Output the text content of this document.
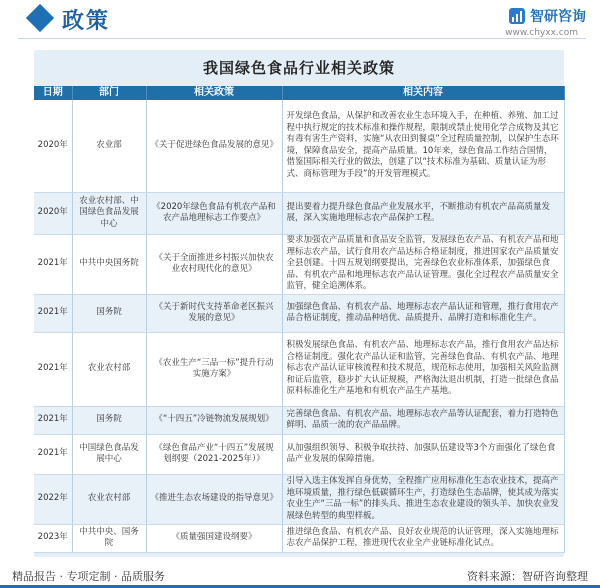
政策	智研咨询
www.chyxx.com
我国绿色食品行业相关政策
日期	部门	相关政策	相关内容
2020年	农业部	《关于促进绿色食品发展的意见》	开发绿色食品，从保护和改善农业生态环境入手，在种植、养殖、加工过程中执行规定的技术标准和操作规程，限制或禁止使用化学合成物及其它有毒有害生产资料，实施“从农田到餐桌”全过程质量控制，以保护生态环境，保障食品安全，提高产品质量。10年来，绿色食品工作结合国情，借鉴国际相关行业的做法，创建了以“技术标准为基础、质量认证为形式、商标管理为手段”的开发管理模式。
2020年	农业农村部、中国绿色食品发展中心	《2020年绿色食品有机农产品和农产品地理标志工作要点》	提出要着力提升绿色食品产业发展水平，不断推动有机农产品高质量发展，深入实施地理标志农产品保护工程。
2021年	中共中央国务院	《关于全面推进乡村振兴加快农业农村现代化的意见》	要求加强农产品质量和食品安全监管，发展绿色农产品、有机农产品和地理标志农产品，试行食用农产品达标合格证制度，推进国家农产品质量安全县创建。十四五规划纲要提出，完善绿色农业标准体系，加强绿色食品、有机农产品和地理标志农产品认证管理。强化全过程农产品质量安全监管，健全追溯体系。
2021年	国务院	《关于新时代支持革命老区振兴发展的意见》	加强绿色食品、有机农产品、地理标志农产品认证和管理，推行食用农产品合格证制度，推动品种培优、品质提升、品牌打造和标准化生产。
2021年	农业农村部	《农业生产“三品一标”提升行动实施方案》	积极发展绿色食品、有机农产品、地理标志农产品，推行食用农产品达标合格证制度。强化农产品认证和监管，完善绿色食品、有机农产品、地理标志农产品认证审核流程和技术规范，规范标志使用，加强相关风险监测和证后监管，稳步扩大认证规模，严格淘汰退出机制，打造一批绿色食品原料标准化生产基地和有机农产品生产基地。
2021年	国务院	《“十四五”冷链物流发展规划》	完善绿色食品、有机农产品、地理标志农产品等认证配套，着力打造特色鲜明、品质一流的农产品品牌。
2021年	中国绿色食品发展中心	《绿色食品产业“十四五”发展规划纲要（2021-2025年）》	从加强组织领导、积极争取扶持、加强队伍建设等3个方面强化了绿色食品产业发展的保障措施。
2022年	农业农村部	《推进生态农场建设的指导意见》	引导入选主体发挥自身优势，全程推广应用标准化生态农业技术，提高产地环境质量，推行绿色低碳循环生产，打造绿色生态品牌，使其成为落实农业生产“三品一标”的排头兵、推进生态农业建设的领头羊、加快农业发展绿色转型的典型样板。
2023年	中共中央、国务院	《质量强国建设纲要》	推进绿色食品、有机农产品、良好农业规范的认证管理，深入实施地理标志农产品保护工程，推进现代农业全产业链标准化试点。
精品报告 · 专项定制 · 品质服务	资料来源：智研咨询整理
